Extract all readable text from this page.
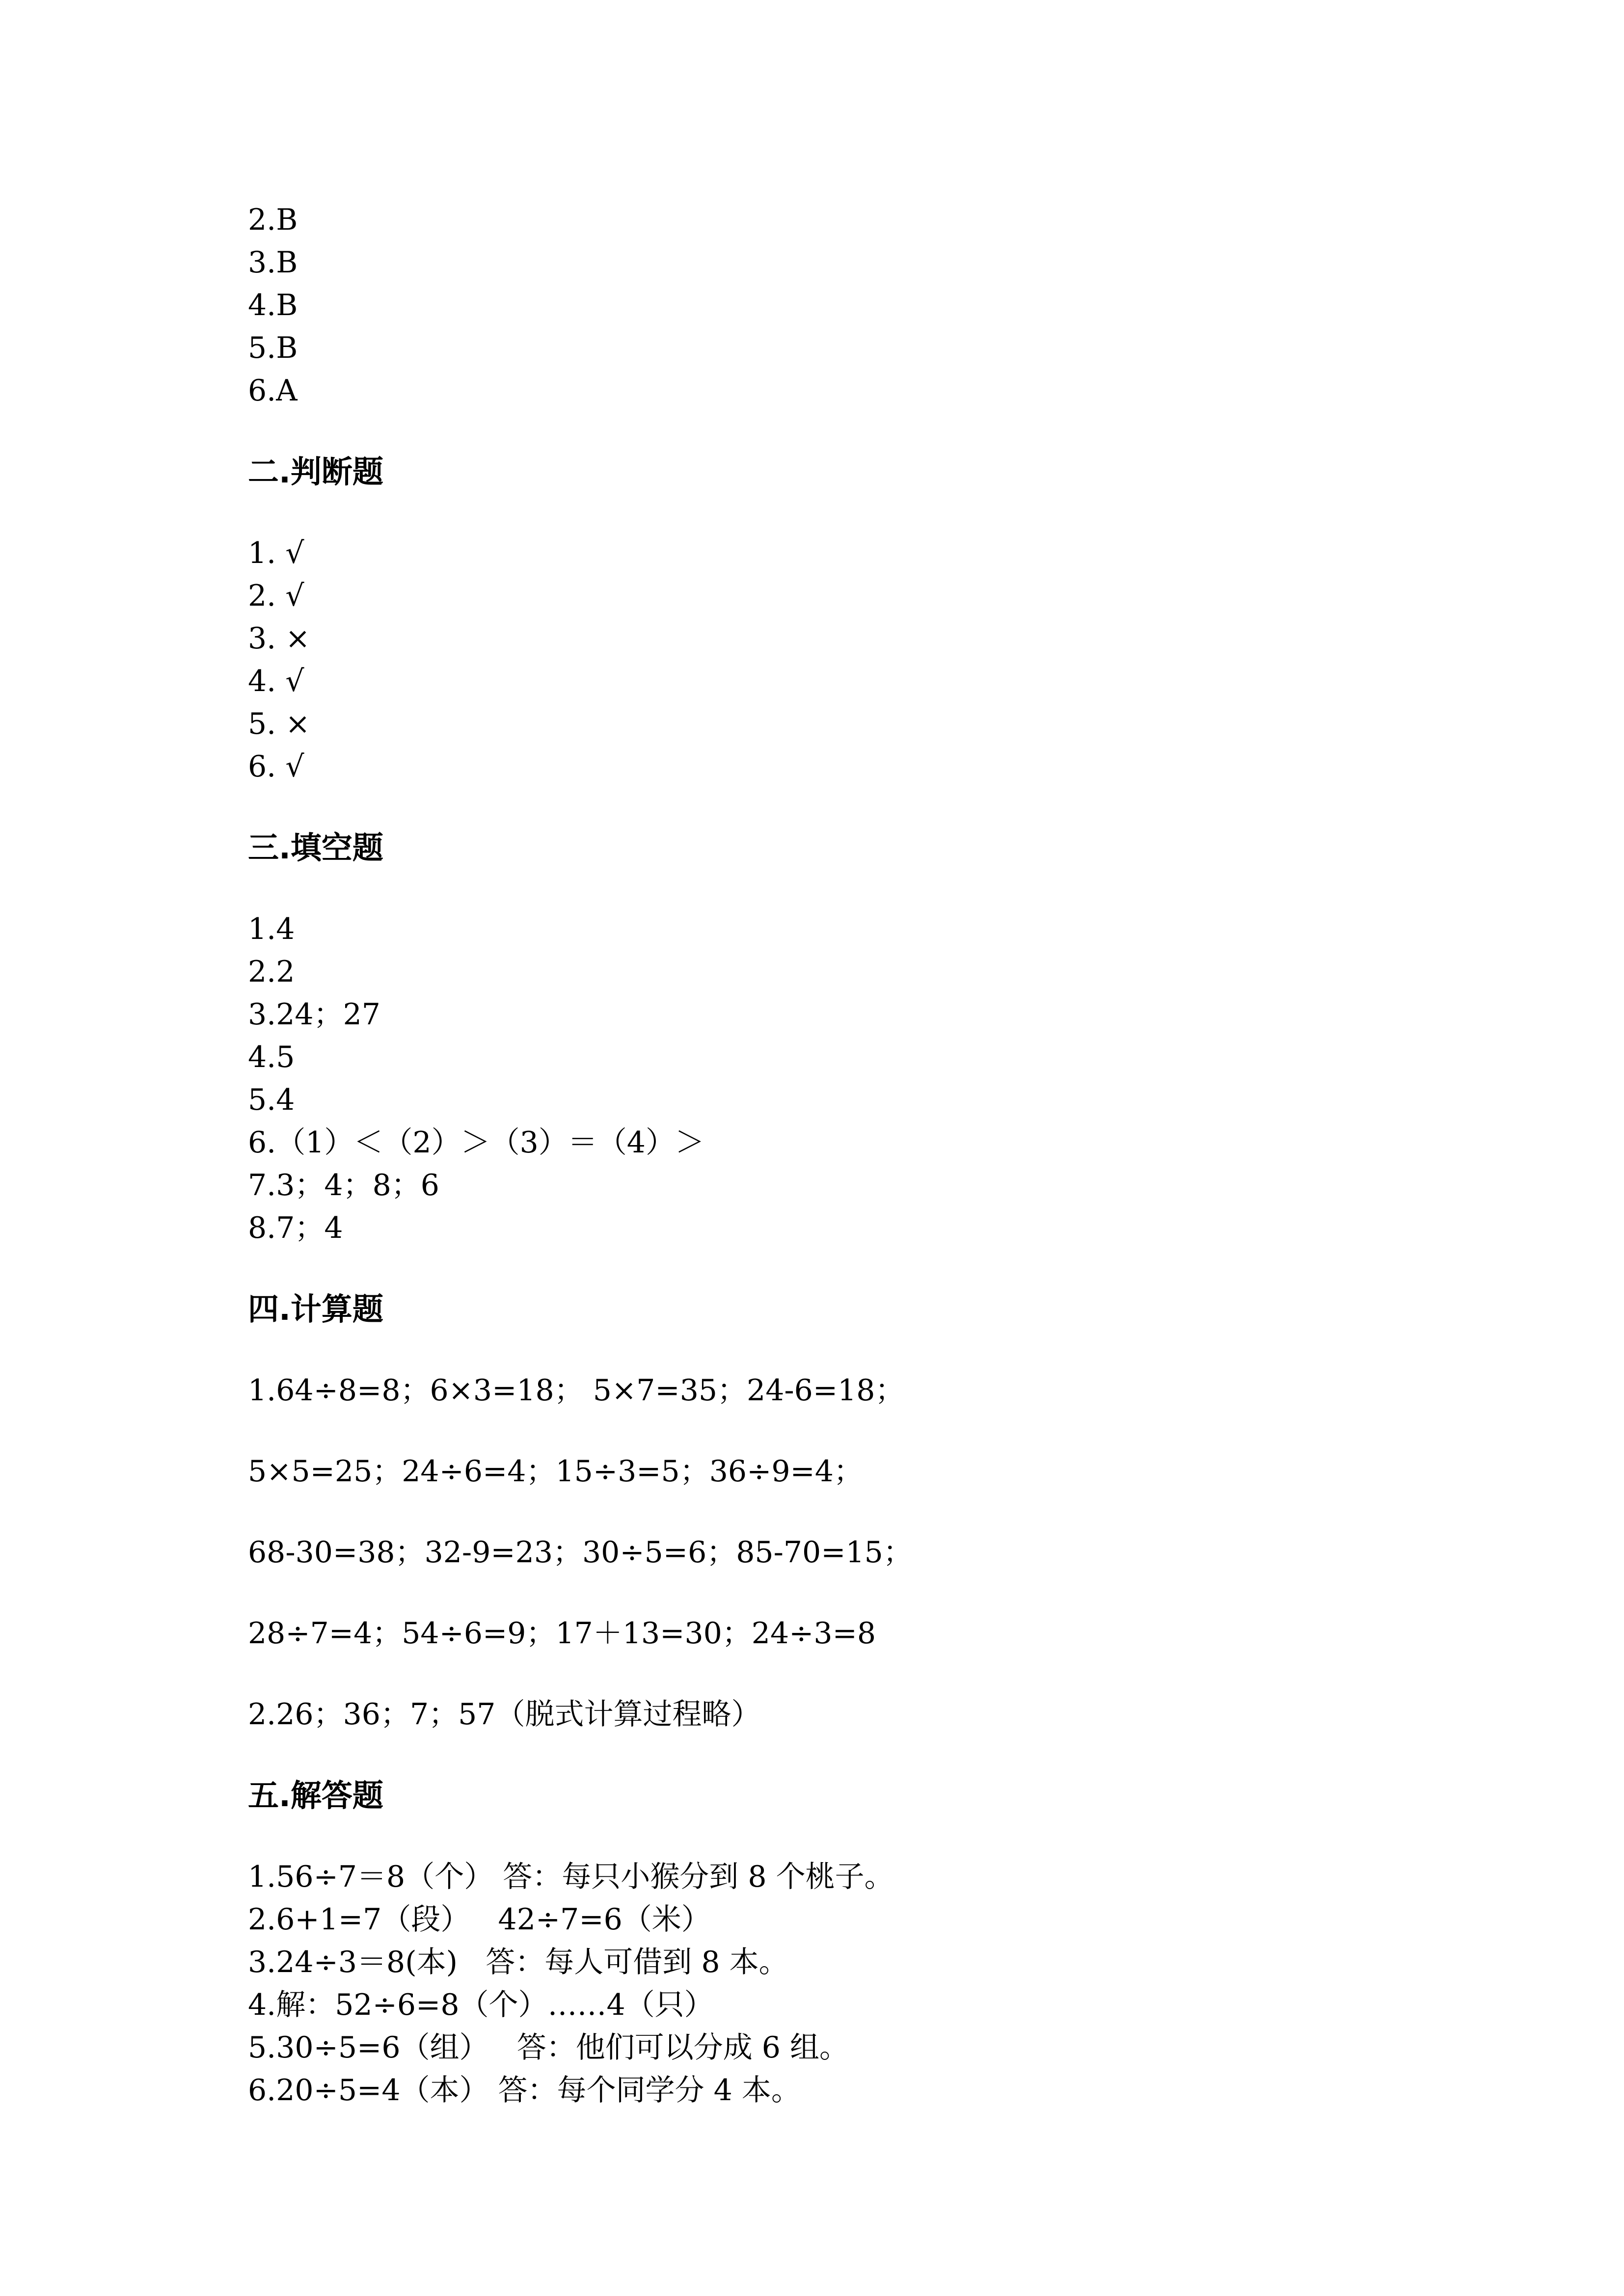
2.B

3.B

4.B

5.B

6.A

二.判断题

1. √

2. √

3. ×

4. √

5. ×

6. √

三.填空题

1.4

2.2

3.24；27

4.5

5.4

6.（1）＜（2）＞（3）＝（4）＞

7.3；4；8；6

8.7；4

四.计算题

1.64÷8=8；6×3=18； 5×7=35；24-6=18；

5×5=25；24÷6=4；15÷3=5；36÷9=4；

68-30=38；32-9=23；30÷5=6；85-70=15；

28÷7=4；54÷6=9；17＋13=30；24÷3=8

2.26；36；7；57（脱式计算过程略）

五.解答题

1.56÷7＝8（个） 答：每只小猴分到 8 个桃子。

2.6+1=7（段）   42÷7=6（米）

3.24÷3＝8(本)   答：每人可借到 8 本。

4.解：52÷6=8（个）……4（只）

5.30÷5=6（组）   答：他们可以分成 6 组。

6.20÷5=4（本） 答：每个同学分 4 本。
